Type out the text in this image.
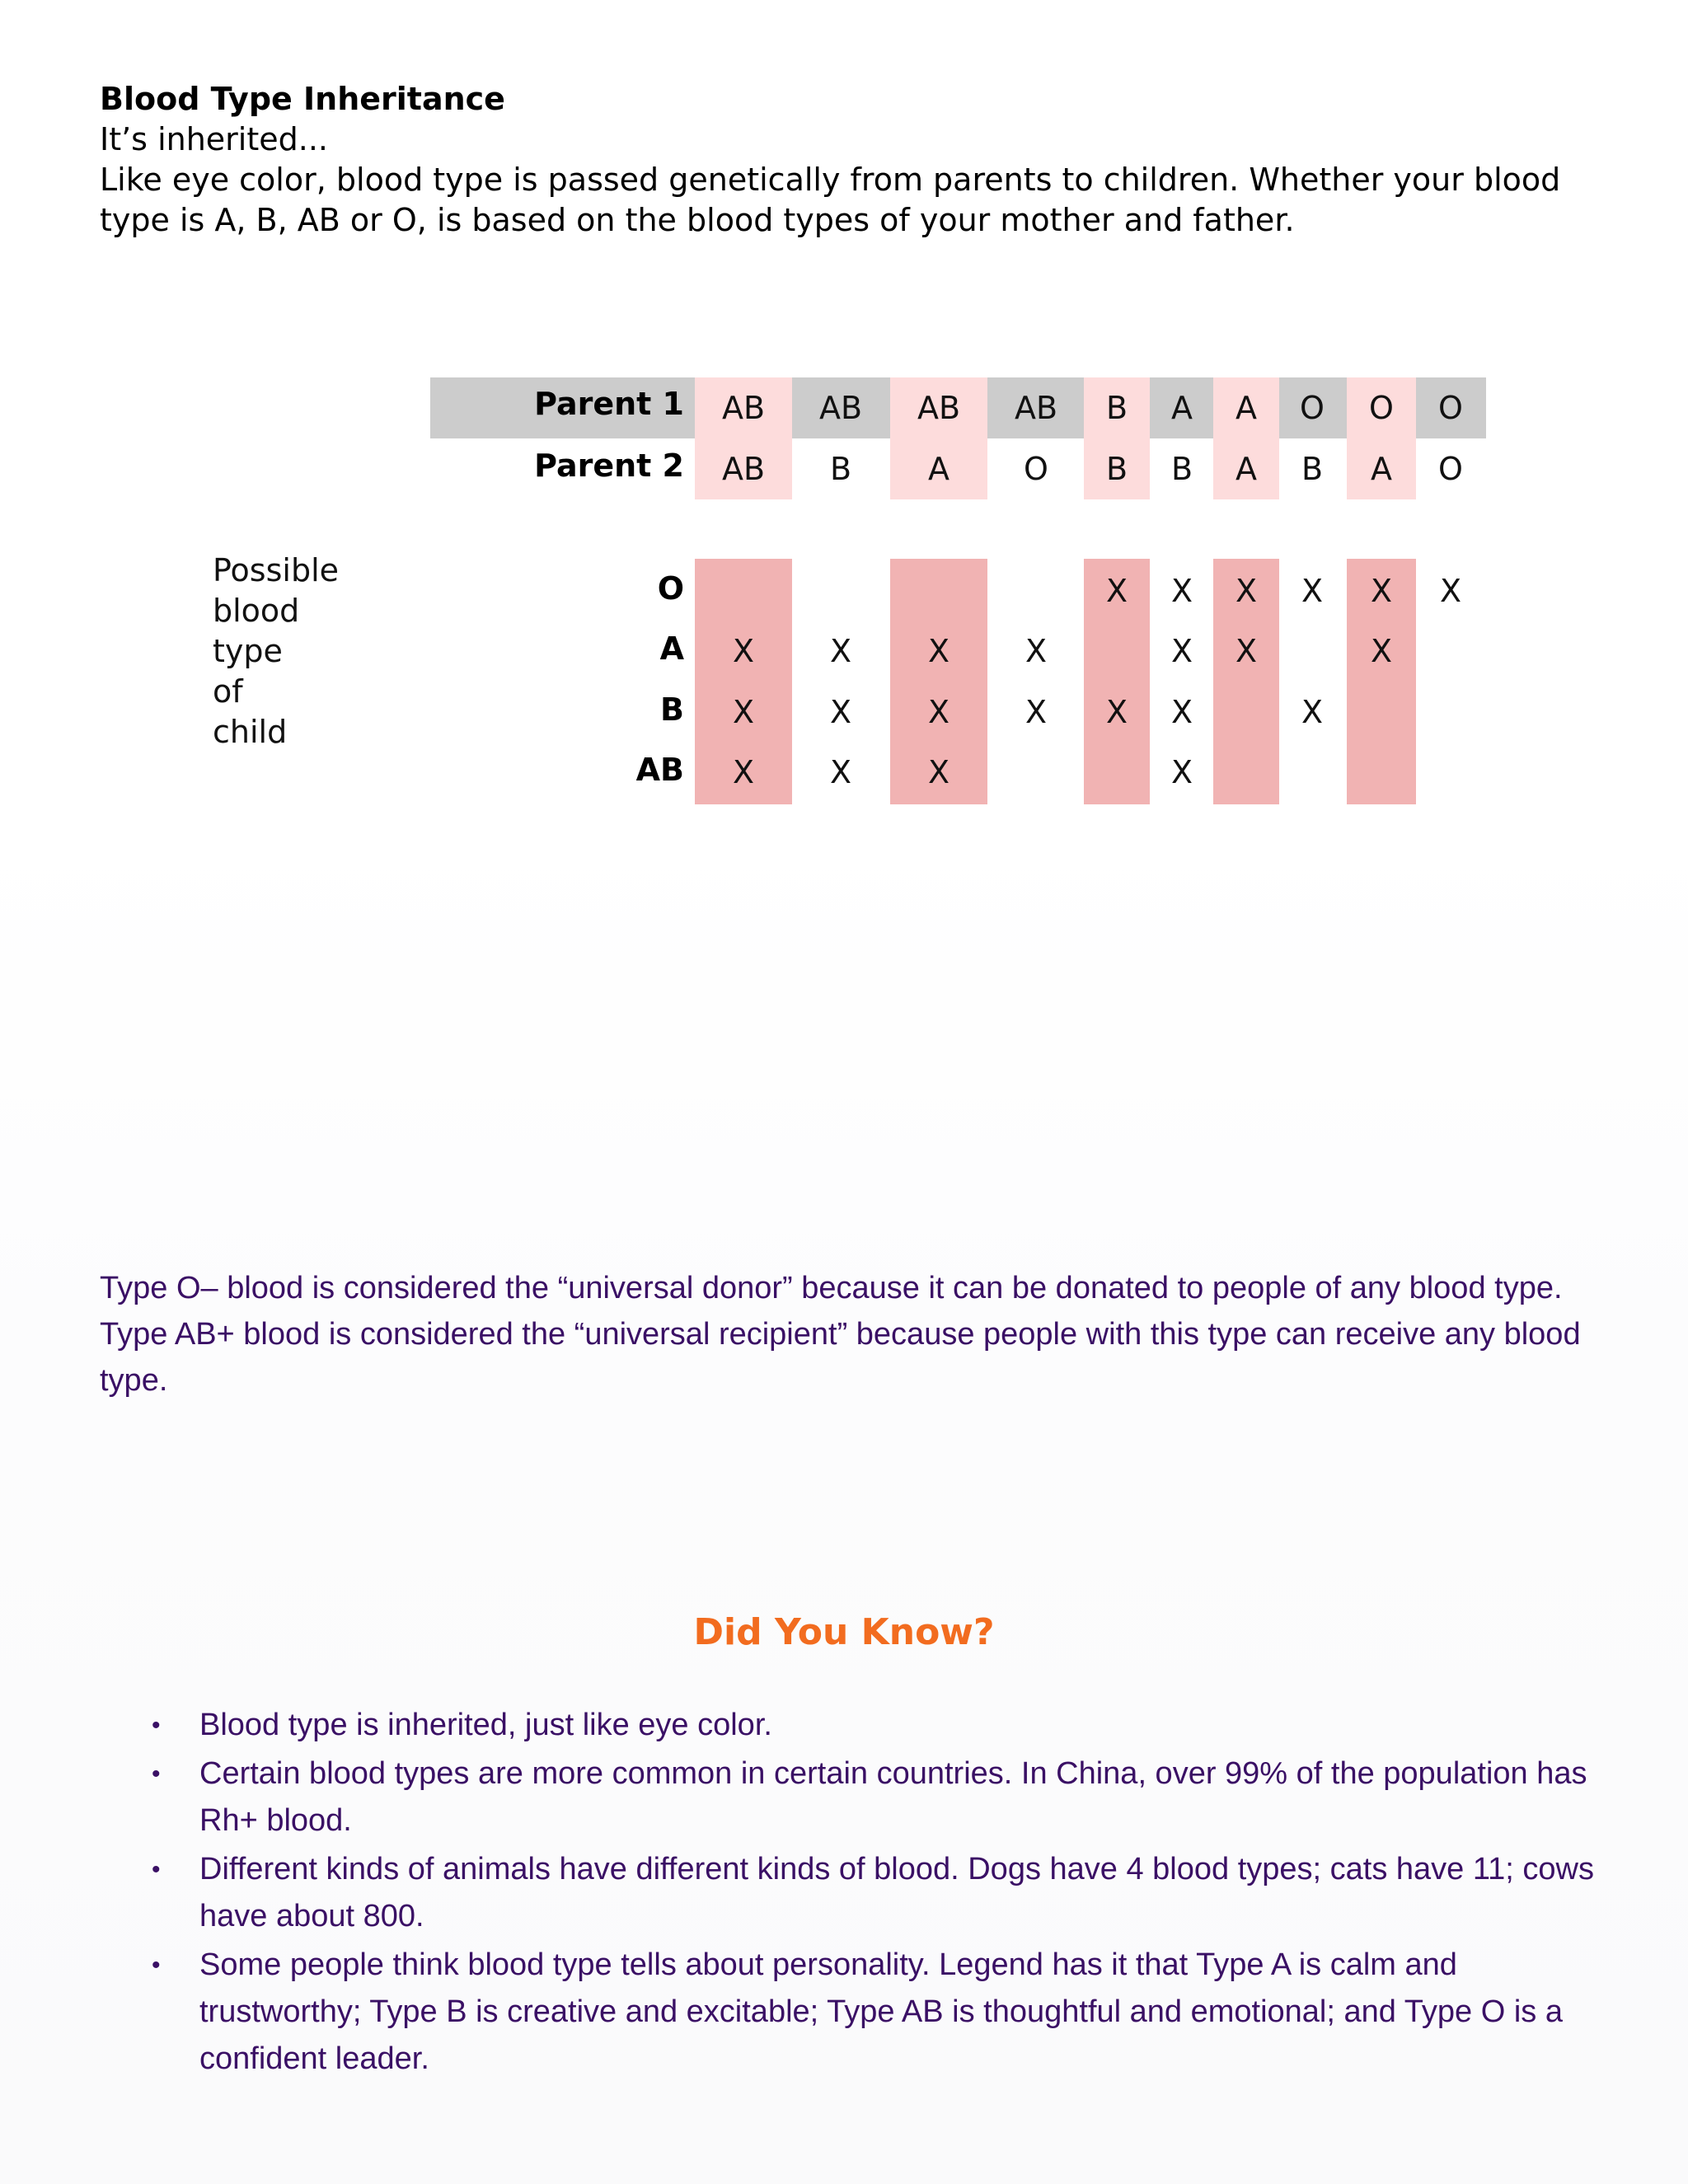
Blood Type Inheritance
It’s inherited...
Like eye color, blood type is passed genetically from parents to children. Whether your blood type is A, B, AB or O, is based on the blood types of your mother and father.
Parent 1
Parent 2
Possible
blood
type
of
child
AB
AB
X
X
X
AB
B
X
X
X
AB
A
X
X
X
AB
O
X
X
B
B
X
X
A
B
X
X
X
X
A
A
X
X
O
B
X
X
O
A
X
X
O
O
X
O
A
B
AB
Type O– blood is considered the “universal donor” because it can be donated to people of any blood type. Type AB+ blood is considered the “universal recipient” because people with this type can receive any blood type.
Did You Know?
• Blood type is inherited, just like eye color.
• Certain blood types are more common in certain countries. In China, over 99% of the population has Rh+ blood.
• Different kinds of animals have different kinds of blood. Dogs have 4 blood types; cats have 11; cows have about 800.
• Some people think blood type tells about personality. Legend has it that Type A is calm and trustworthy; Type B is creative and excitable; Type AB is thoughtful and emotional; and Type O is a confident leader.
